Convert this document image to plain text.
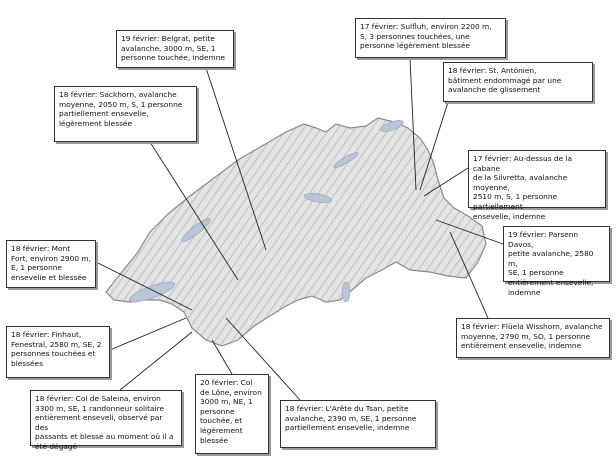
19 février: Belgrat, petite
avalanche, 3000 m, SE, 1
personne touchée, indemne
17 février: Sulfluh, environ 2200 m,
S, 3 personnes touchées, une
personne légèrement blessée
18 février: St. Antönien,
bâtiment endommagé par une
avalanche de glissement
18 février: Sackhorn, avalanche
moyenne, 2050 m, S, 1 personne
partiellement ensevelie,
légèrement blessée
17 février: Au-dessus de la cabane
de la Silvretta, avalanche moyenne,
2510 m, S, 1 personne partiellement
ensevelie, indemne
18 février: Mont
Fort, environ 2900 m,
E, 1 personne
ensevelie et blessée
19 février: Parsenn Davos,
petite avalanche, 2580 m,
SE, 1 personne
entièrement ensevelie,
indemne
18 février: Flüela Wisshorn, avalanche
moyenne, 2790 m, SO, 1 personne
entièrement ensevelie, indemne
18 février: Finhaut,
Fenestral, 2580 m, SE, 2
personnes touchées et
blessées
18 février: Col de Saleina, environ
3300 m, SE, 1 randonneur solitaire
entièrement enseveli, observé par des
passants et blessé au moment où il a
été dégagé
20 février: Col
de Lône, environ
3000 m, NE, 1
personne
touchée, et
légèrement
blessée
18 février: L'Arête du Tsan, petite
avalanche, 2390 m, SE, 1 personne
partiellement ensevelie, indemne
